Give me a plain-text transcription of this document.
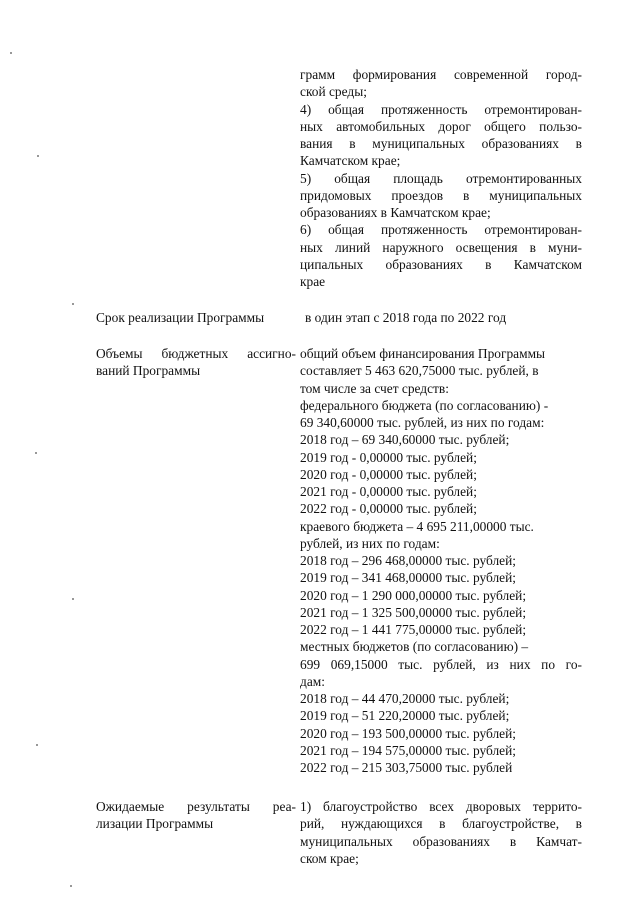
грамм формирования современной город-
ской среды;
4) общая протяженность отремонтирован-
ных автомобильных дорог общего пользо-
вания в муниципальных образованиях в
Камчатском крае;
5) общая площадь отремонтированных
придомовых проездов в муниципальных
образованиях в Камчатском крае;
6) общая протяженность отремонтирован-
ных линий наружного освещения в муни-
ципальных образованиях в Камчатском
крае
Срок реализации Программы	в один этап с 2018 года по 2022 год
Объемы бюджетных ассигно-
ваний Программы
общий объем финансирования Программы
составляет 5 463 620,75000 тыс. рублей, в
том числе за счет средств:
федерального бюджета (по согласованию) -
69 340,60000 тыс. рублей, из них по годам:
2018 год – 69 340,60000 тыс. рублей;
2019 год - 0,00000 тыс. рублей;
2020 год - 0,00000 тыс. рублей;
2021 год - 0,00000 тыс. рублей;
2022 год - 0,00000 тыс. рублей;
краевого бюджета – 4 695 211,00000 тыс.
рублей, из них по годам:
2018 год – 296 468,00000 тыс. рублей;
2019 год – 341 468,00000 тыс. рублей;
2020 год – 1 290 000,00000 тыс. рублей;
2021 год – 1 325 500,00000 тыс. рублей;
2022 год – 1 441 775,00000 тыс. рублей;
местных бюджетов (по согласованию) –
699 069,15000 тыс. рублей, из них по го-
дам:
2018 год – 44 470,20000 тыс. рублей;
2019 год – 51 220,20000 тыс. рублей;
2020 год – 193 500,00000 тыс. рублей;
2021 год – 194 575,00000 тыс. рублей;
2022 год – 215 303,75000 тыс. рублей
Ожидаемые результаты реа-
лизации Программы
1) благоустройство всех дворовых террито-
рий, нуждающихся в благоустройстве, в
муниципальных образованиях в Камчат-
ском крае;
